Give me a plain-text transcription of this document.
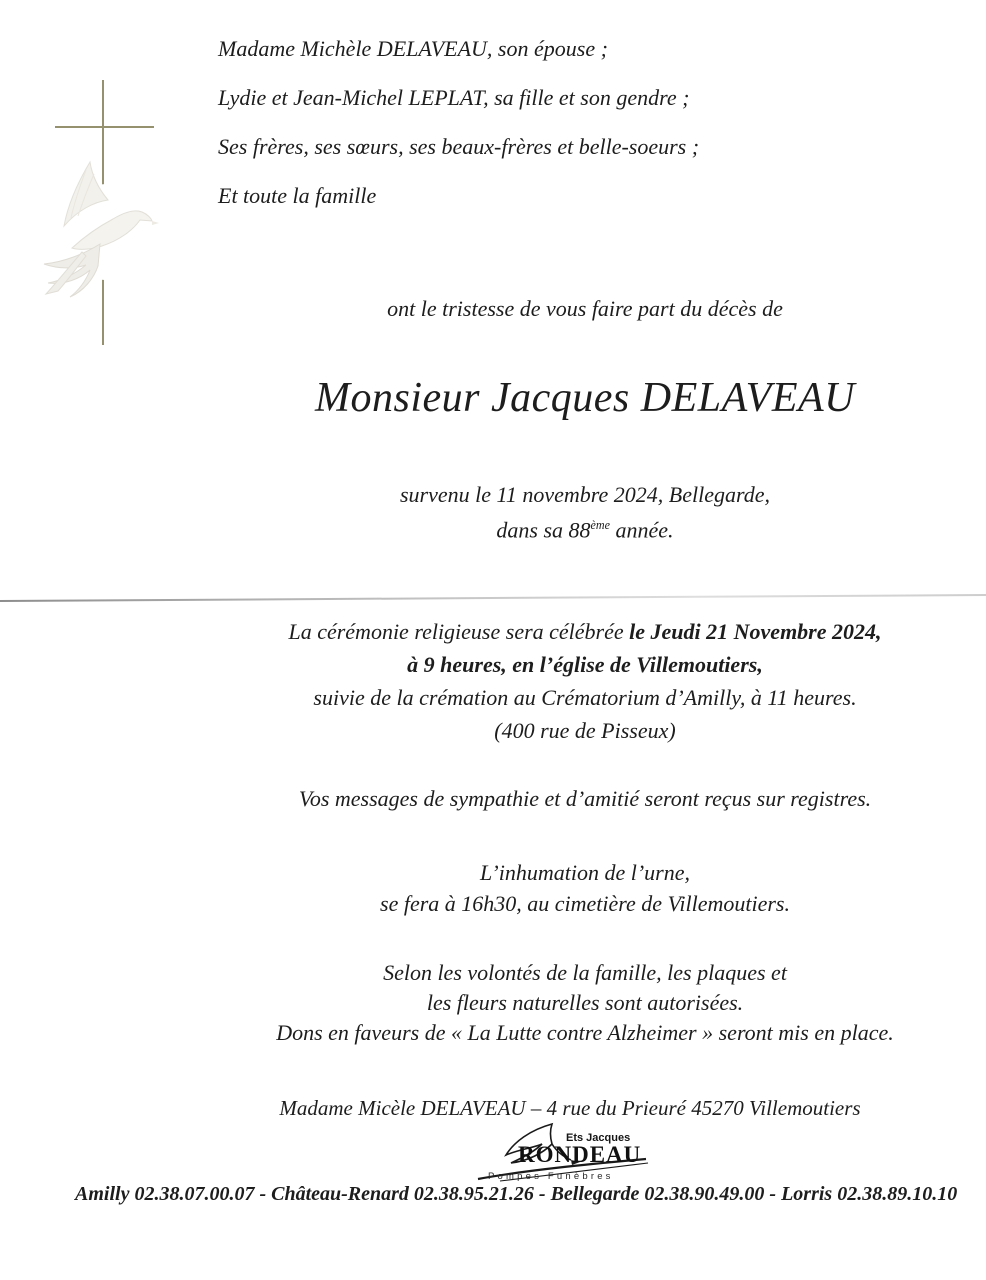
Madame Michèle DELAVEAU, son épouse ;
Lydie et Jean-Michel LEPLAT, sa fille et son gendre ;
Ses frères, ses sœurs, ses beaux-frères et belle-soeurs ;
Et toute la famille
ont le tristesse de vous faire part du décès de
Monsieur Jacques DELAVEAU
survenu le 11 novembre 2024, Bellegarde,
dans sa 88ème année.
La cérémonie religieuse sera célébrée le Jeudi 21 Novembre 2024,
à 9 heures, en l’église de Villemoutiers,
suivie de la crémation au Crématorium d’Amilly, à 11 heures.
(400 rue de Pisseux)
Vos messages de sympathie et d’amitié seront reçus sur registres.
L’inhumation de l’urne,
se fera à 16h30, au cimetière de Villemoutiers.
Selon les volontés de la famille, les plaques et
les fleurs naturelles sont autorisées.
Dons en faveurs de « La Lutte contre Alzheimer » seront mis en place.
Madame Micèle DELAVEAU – 4 rue du Prieuré 45270 Villemoutiers
Ets Jacques
RONDEAU
Pompes Funèbres
Amilly 02.38.07.00.07 - Château-Renard 02.38.95.21.26 - Bellegarde 02.38.90.49.00 - Lorris 02.38.89.10.10
